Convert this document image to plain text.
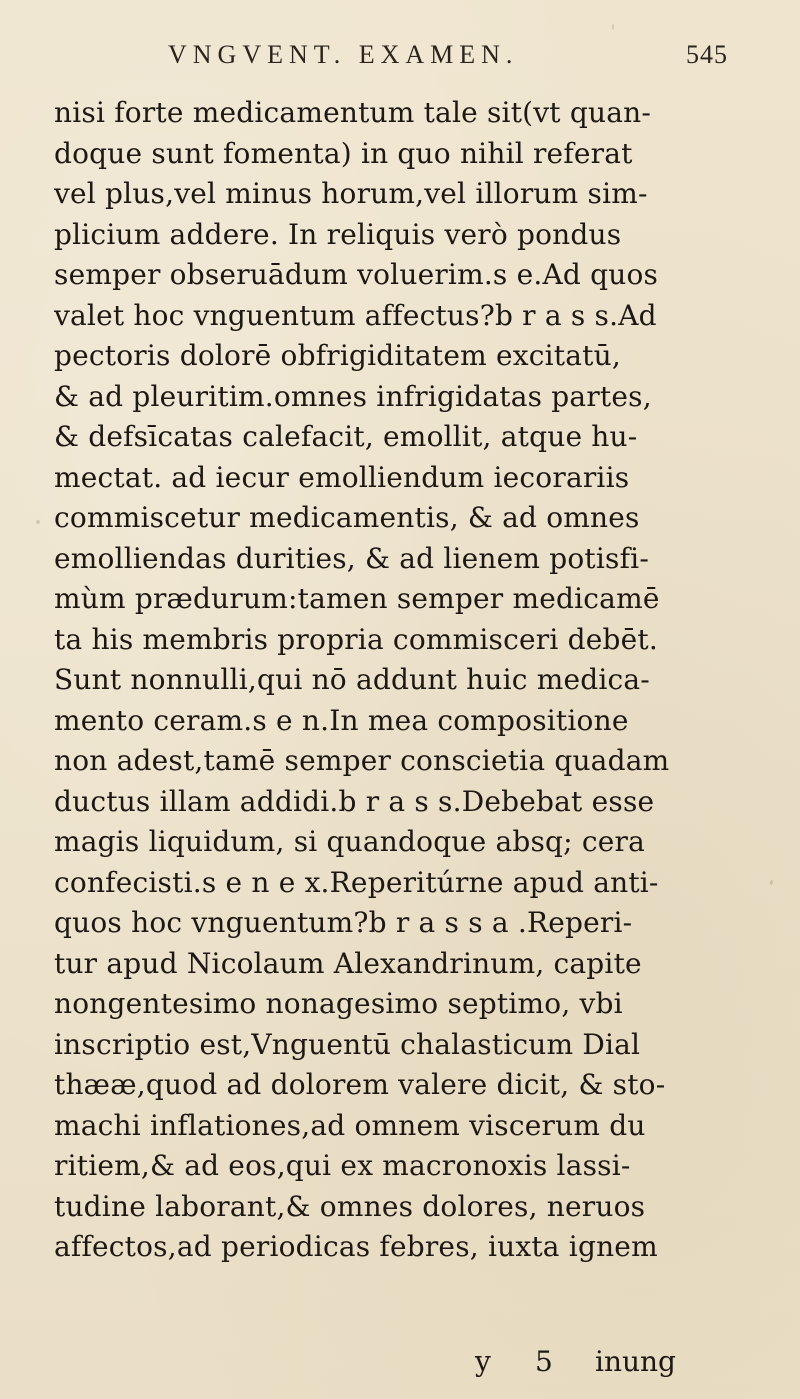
VNGVENT. EXAMEN.	545
nisi forte medicamentum tale sit(vt quan-
doque sunt fomenta) in quo nihil referat
vel plus,vel minus horum,vel illorum sim-
plicium addere. In reliquis verò pondus
semper obseruādum voluerim.s e.Ad quos
valet hoc vnguentum affectus?b r a s s.Ad
pectoris dolorē obfrigiditatem excitatū,
& ad pleuritim.omnes infrigidatas partes,
& defsīcatas calefacit, emollit, atque hu-
mectat. ad iecur emolliendum iecorariis
commiscetur medicamentis, & ad omnes
emolliendas durities, & ad lienem potisfi-
mùm prædurum:tamen semper medicamē
ta his membris propria commisceri debēt.
Sunt nonnulli,qui nō addunt huic medica-
mento ceram.s e n.In mea compositione
non adest,tamē semper conscietia quadam
ductus illam addidi.b r a s s.Debebat esse
magis liquidum, si quandoque absq; cera
confecisti.s e n e x.Reperitúrne apud anti-
quos hoc vnguentum?b r a s s a .Reperi-
tur apud Nicolaum Alexandrinum, capite
nongentesimo nonagesimo septimo, vbi
inscriptio est,Vnguentū chalasticum Dial
thææ,quod ad dolorem valere dicit, & sto-
machi inflationes,ad omnem viscerum du
ritiem,& ad eos,qui ex macronoxis lassi-
tudine laborant,& omnes dolores, neruos
affectos,ad periodicas febres, iuxta ignem
y 5 inung
